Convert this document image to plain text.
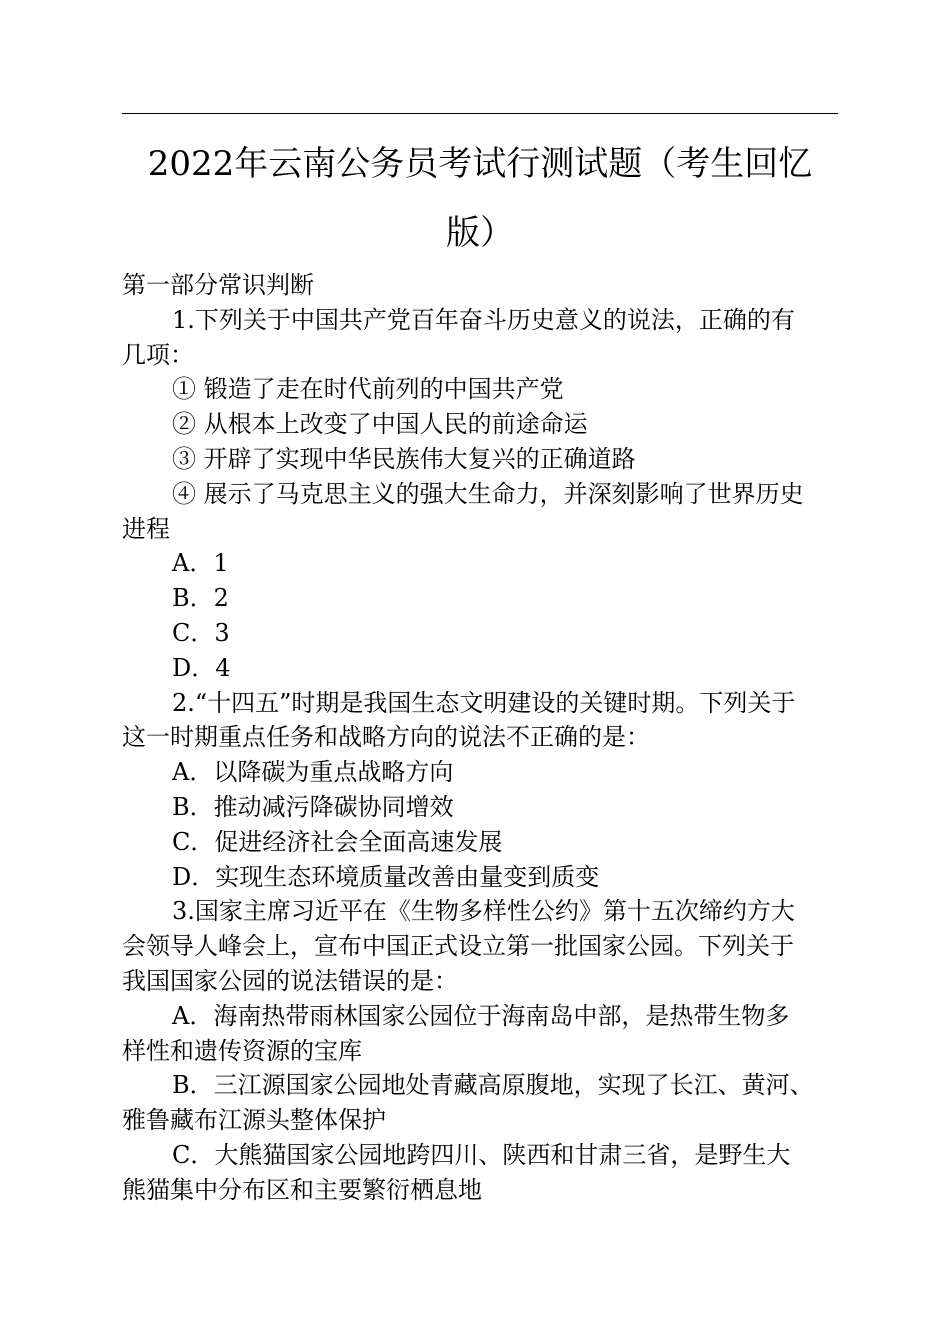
2022年云南公务员考试行测试题（考生回忆
版）
第一部分常识判断
1.下列关于中国共产党百年奋斗历史意义的说法，正确的有
几项：
① 锻造了走在时代前列的中国共产党
② 从根本上改变了中国人民的前途命运
③ 开辟了实现中华民族伟大复兴的正确道路
④ 展示了马克思主义的强大生命力，并深刻影响了世界历史
进程
A．1
B．2
C．3
D．4
2.“十四五”时期是我国生态文明建设的关键时期。下列关于
这一时期重点任务和战略方向的说法不正确的是：
A．以降碳为重点战略方向
B．推动减污降碳协同增效
C．促进经济社会全面高速发展
D．实现生态环境质量改善由量变到质变
3.国家主席习近平在《生物多样性公约》第十五次缔约方大
会领导人峰会上，宣布中国正式设立第一批国家公园。下列关于
我国国家公园的说法错误的是：
A．海南热带雨林国家公园位于海南岛中部，是热带生物多
样性和遗传资源的宝库
B．三江源国家公园地处青藏高原腹地，实现了长江、黄河、
雅鲁藏布江源头整体保护
C．大熊猫国家公园地跨四川、陕西和甘肃三省，是野生大
熊猫集中分布区和主要繁衍栖息地
